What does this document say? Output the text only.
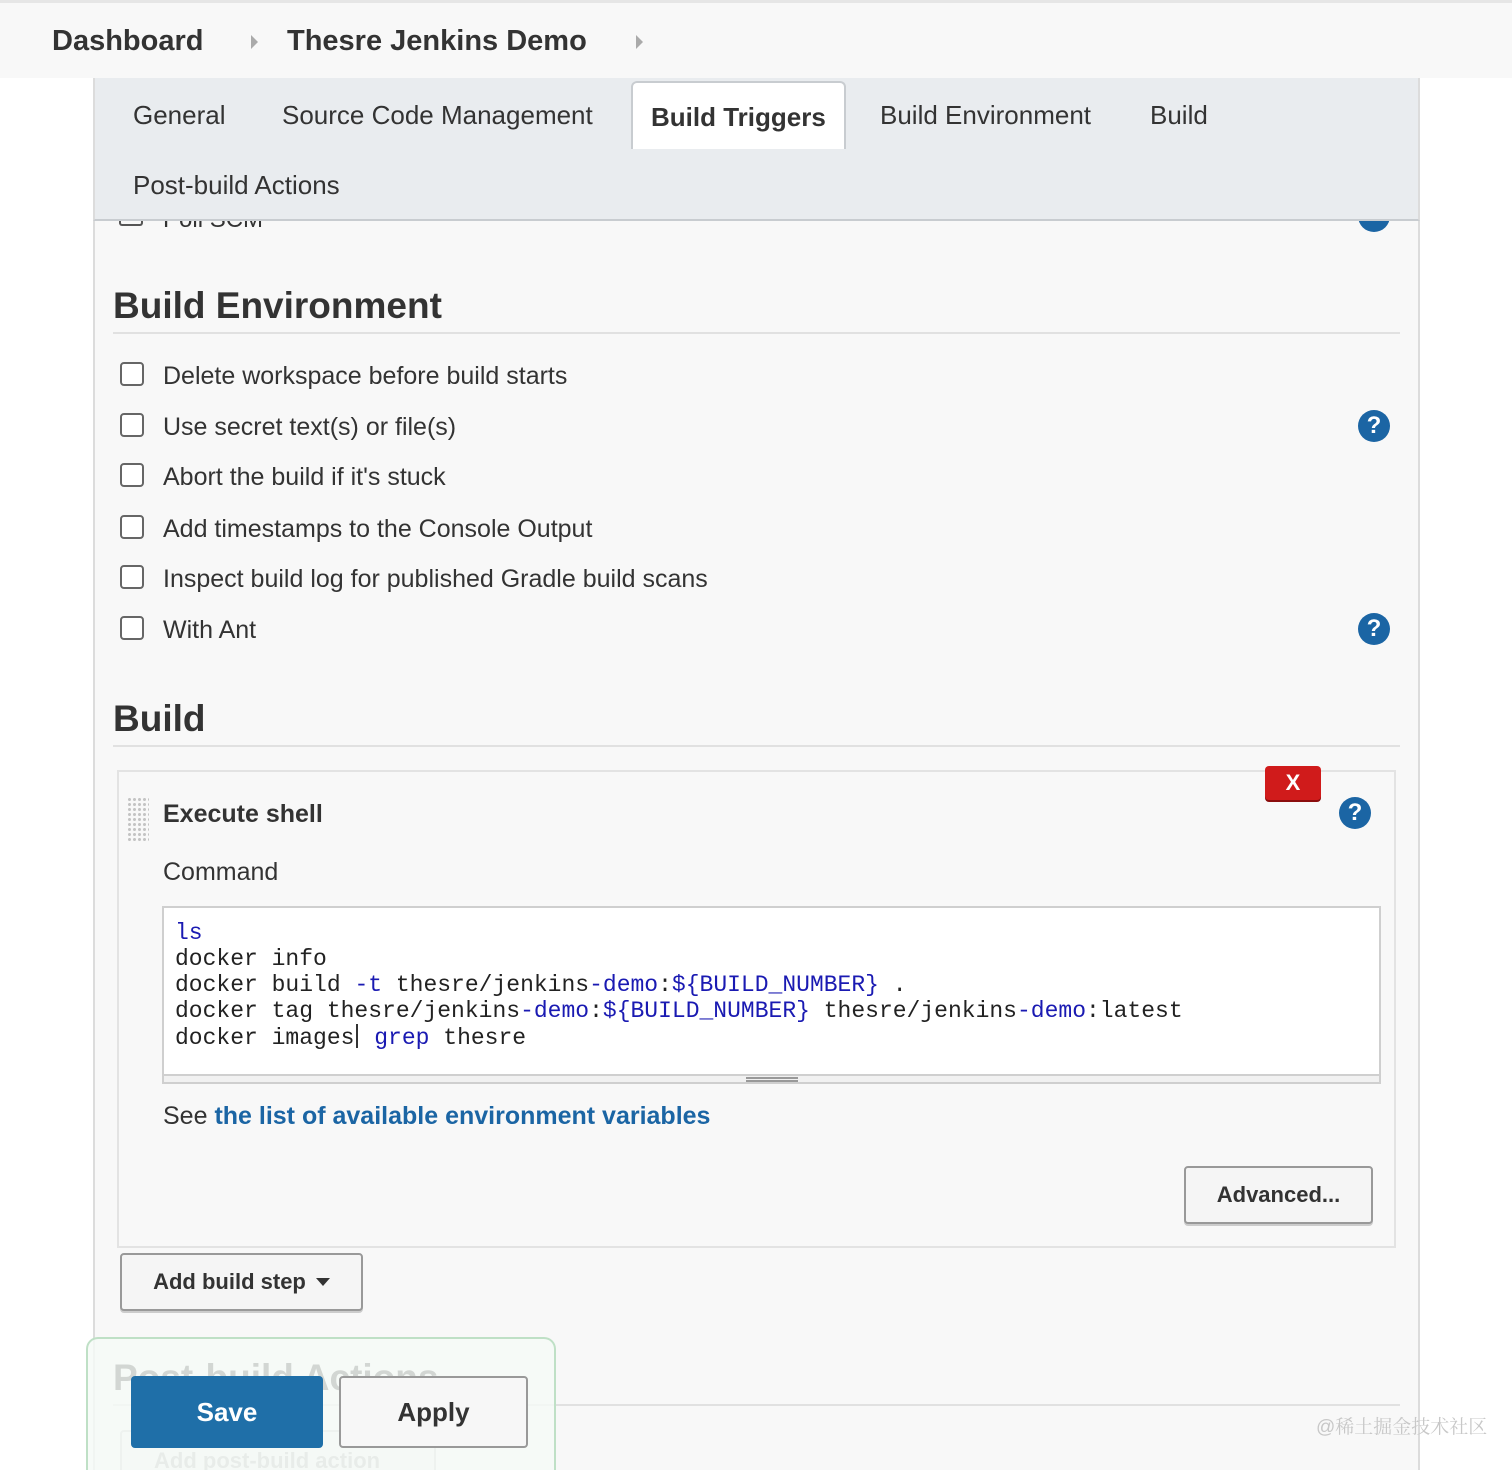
Dashboard	Thesre Jenkins Demo
General Source Code Management	Build Triggers	Build Environment Build
Post-build Actions
Build Environment
Delete workspace before build starts
Use secret text(s) or file(s)	?
Abort the build if it's stuck
Add timestamps to the Console Output
Inspect build log for published Gradle build scans
With Ant	?
Build
X
?
Execute shell
Command
ls
docker info
docker build -t thesre/jenkins-demo:${BUILD_NUMBER} .
docker tag thesre/jenkins-demo:${BUILD_NUMBER} thesre/jenkins-demo:latest
docker images grep thesre
See the list of available environment variables
Advanced...
Add build step
Save	Apply
@稀土掘金技术社区
